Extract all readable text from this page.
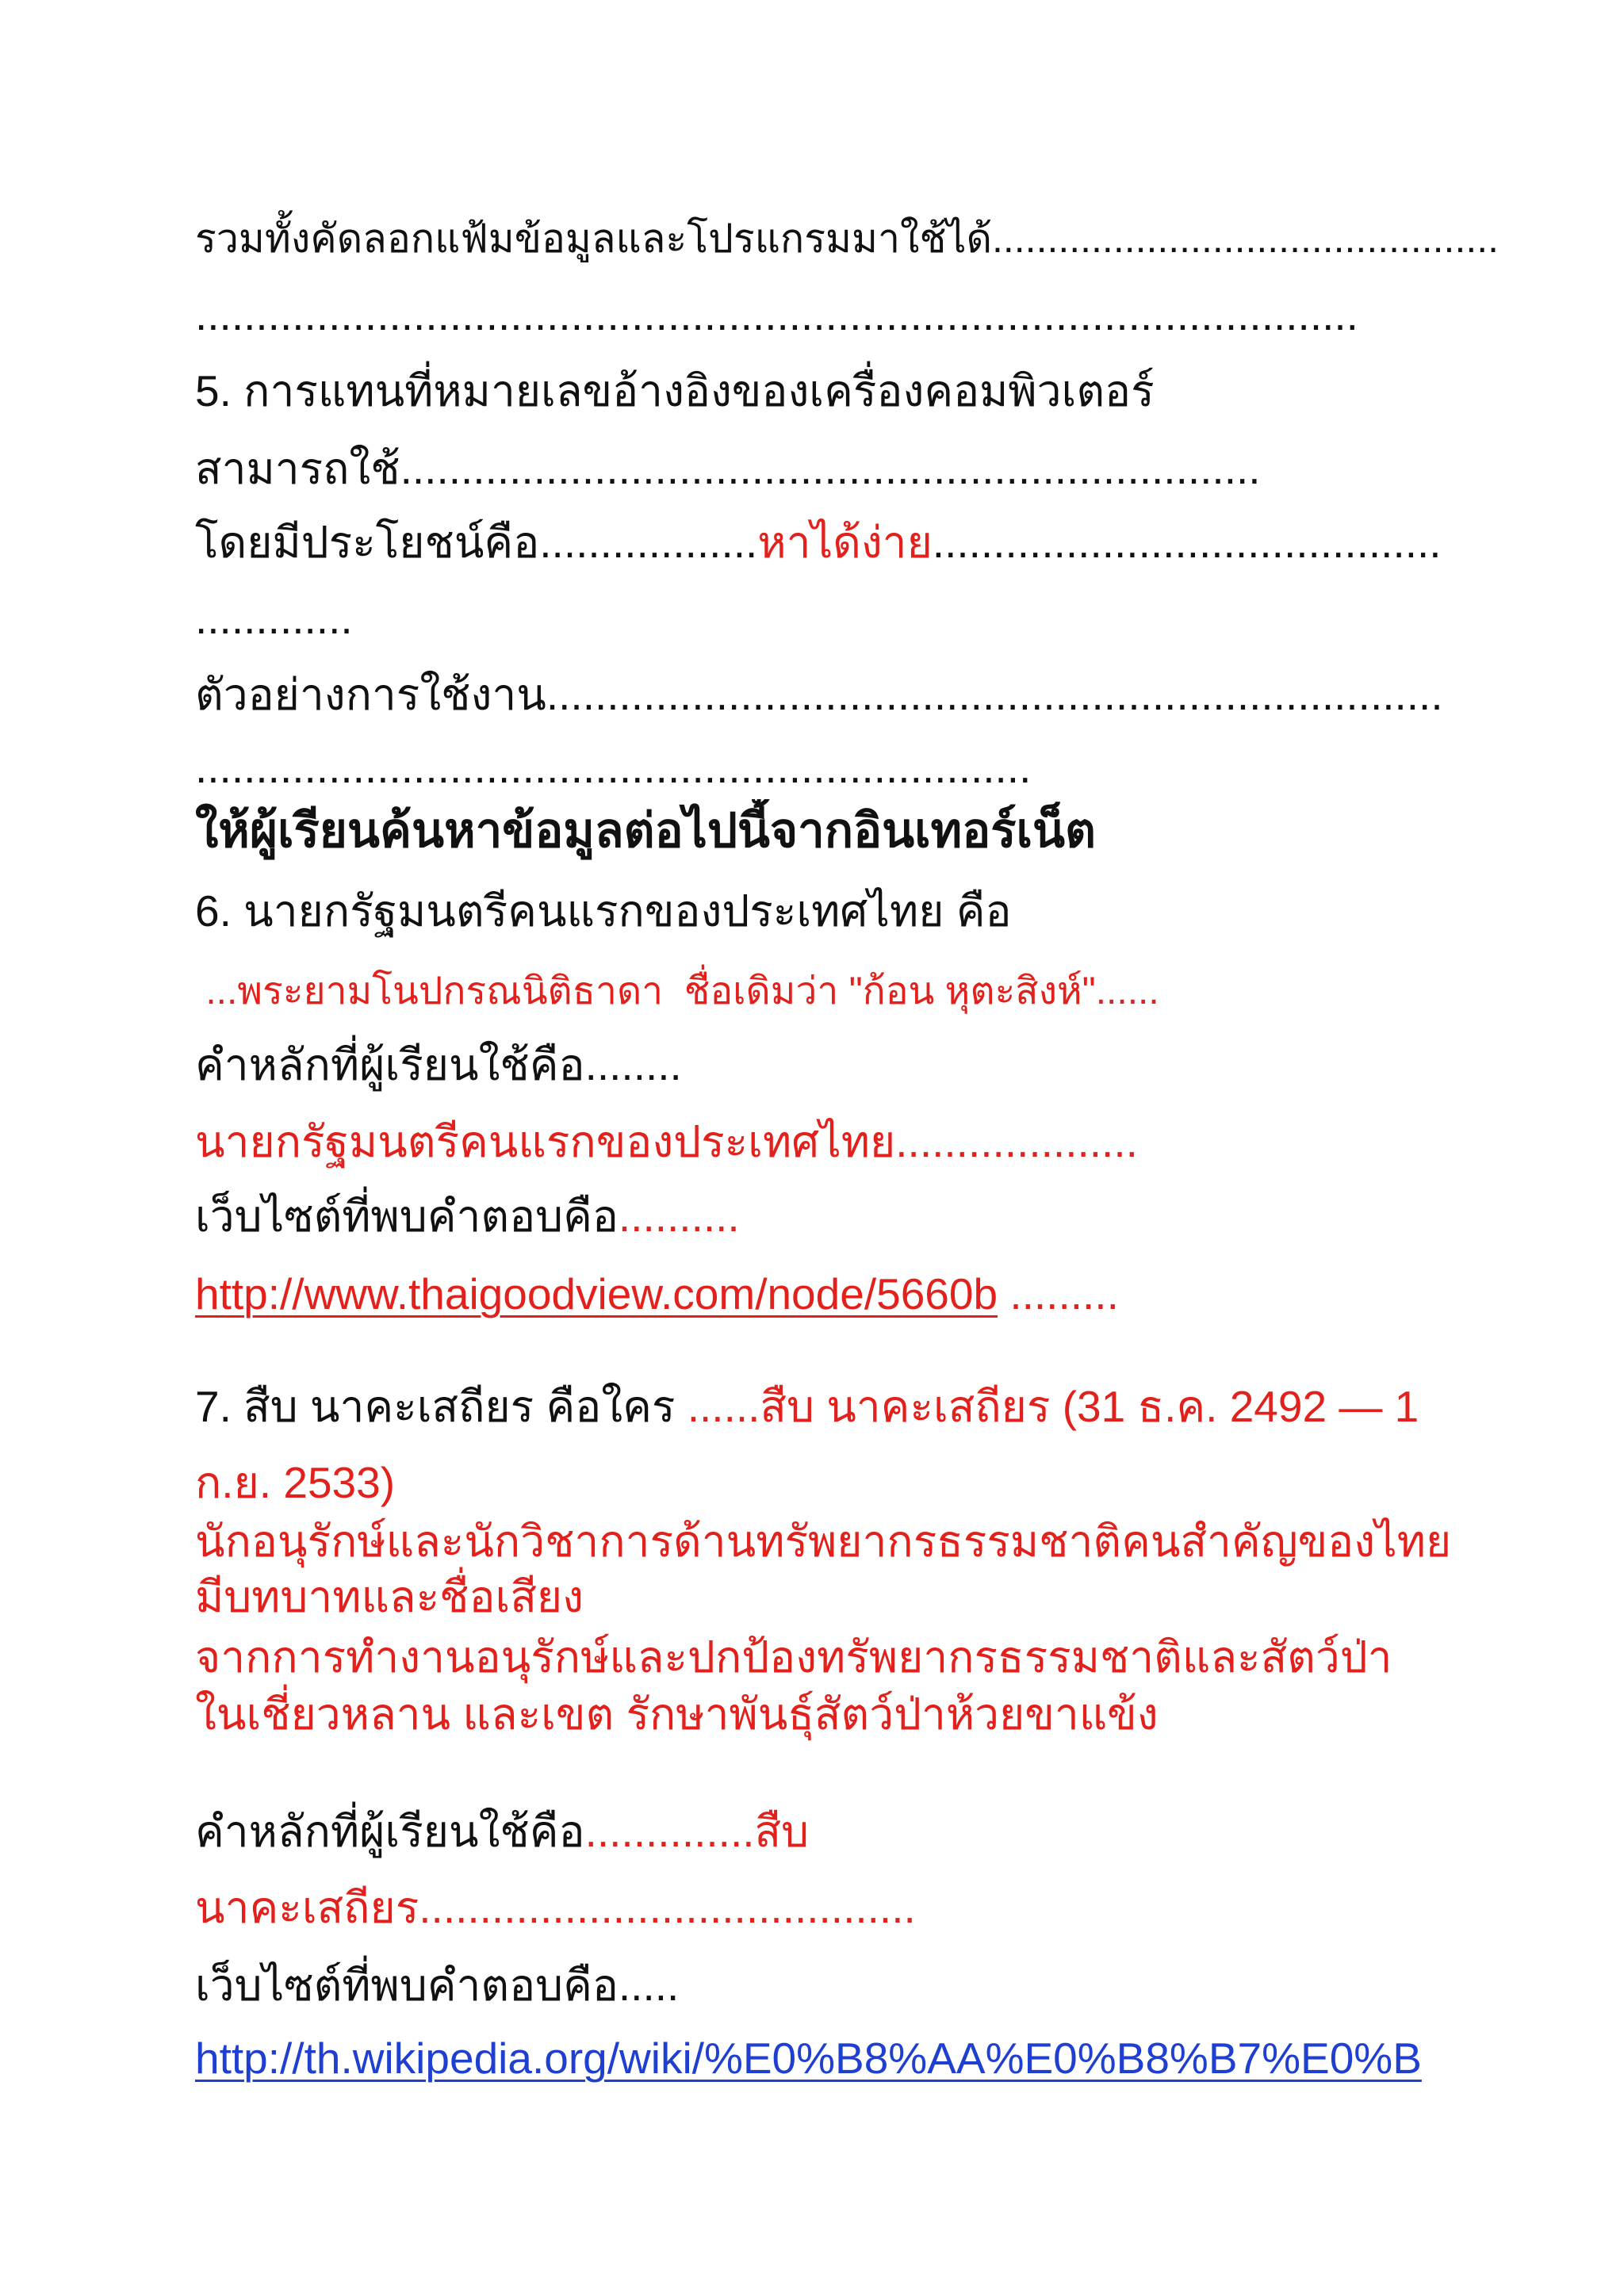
รวมทั้งคัดลอกแฟ้มข้อมูลและโปรแกรมมาใช้ได้..............................................
................................................................................................
5. การแทนที่หมายเลขอ้างอิงของเครื่องคอมพิวเตอร์
สามารถใช้.......................................................................
โดยมีประโยชน์คือ..................หาได้ง่าย..........................................
.............
ตัวอย่างการใช้งาน..........................................................................
.....................................................................
ให้ผู้เรียนค้นหาข้อมูลต่อไปนี้จากอินเทอร์เน็ต
6. นายกรัฐมนตรีคนแรกของประเทศไทย คือ
...พระยามโนปกรณนิติธาดา  ชื่อเดิมว่า "ก้อน หุตะสิงห์"......
คำหลักที่ผู้เรียนใช้คือ........
นายกรัฐมนตรีคนแรกของประเทศไทย....................
เว็บไซต์ที่พบคำตอบคือ..........
http://www.thaigoodview.com/node/5660b .........
7. สืบ นาคะเสถียร คือใคร ......สืบ นาคะเสถียร (31 ธ.ค. 2492 — 1
ก.ย. 2533)
นักอนุรักษ์และนักวิชาการด้านทรัพยากรธรรมชาติคนสำคัญของไทย
มีบทบาทและชื่อเสียง
จากการทำงานอนุรักษ์และปกป้องทรัพยากรธรรมชาติและสัตว์ป่า
ในเชี่ยวหลาน และเขต รักษาพันธุ์สัตว์ป่าห้วยขาแข้ง
คำหลักที่ผู้เรียนใช้คือ..............สืบ
นาคะเสถียร.........................................
เว็บไซต์ที่พบคำตอบคือ.....
http://th.wikipedia.org/wiki/%E0%B8%AA%E0%B8%B7%E0%B
